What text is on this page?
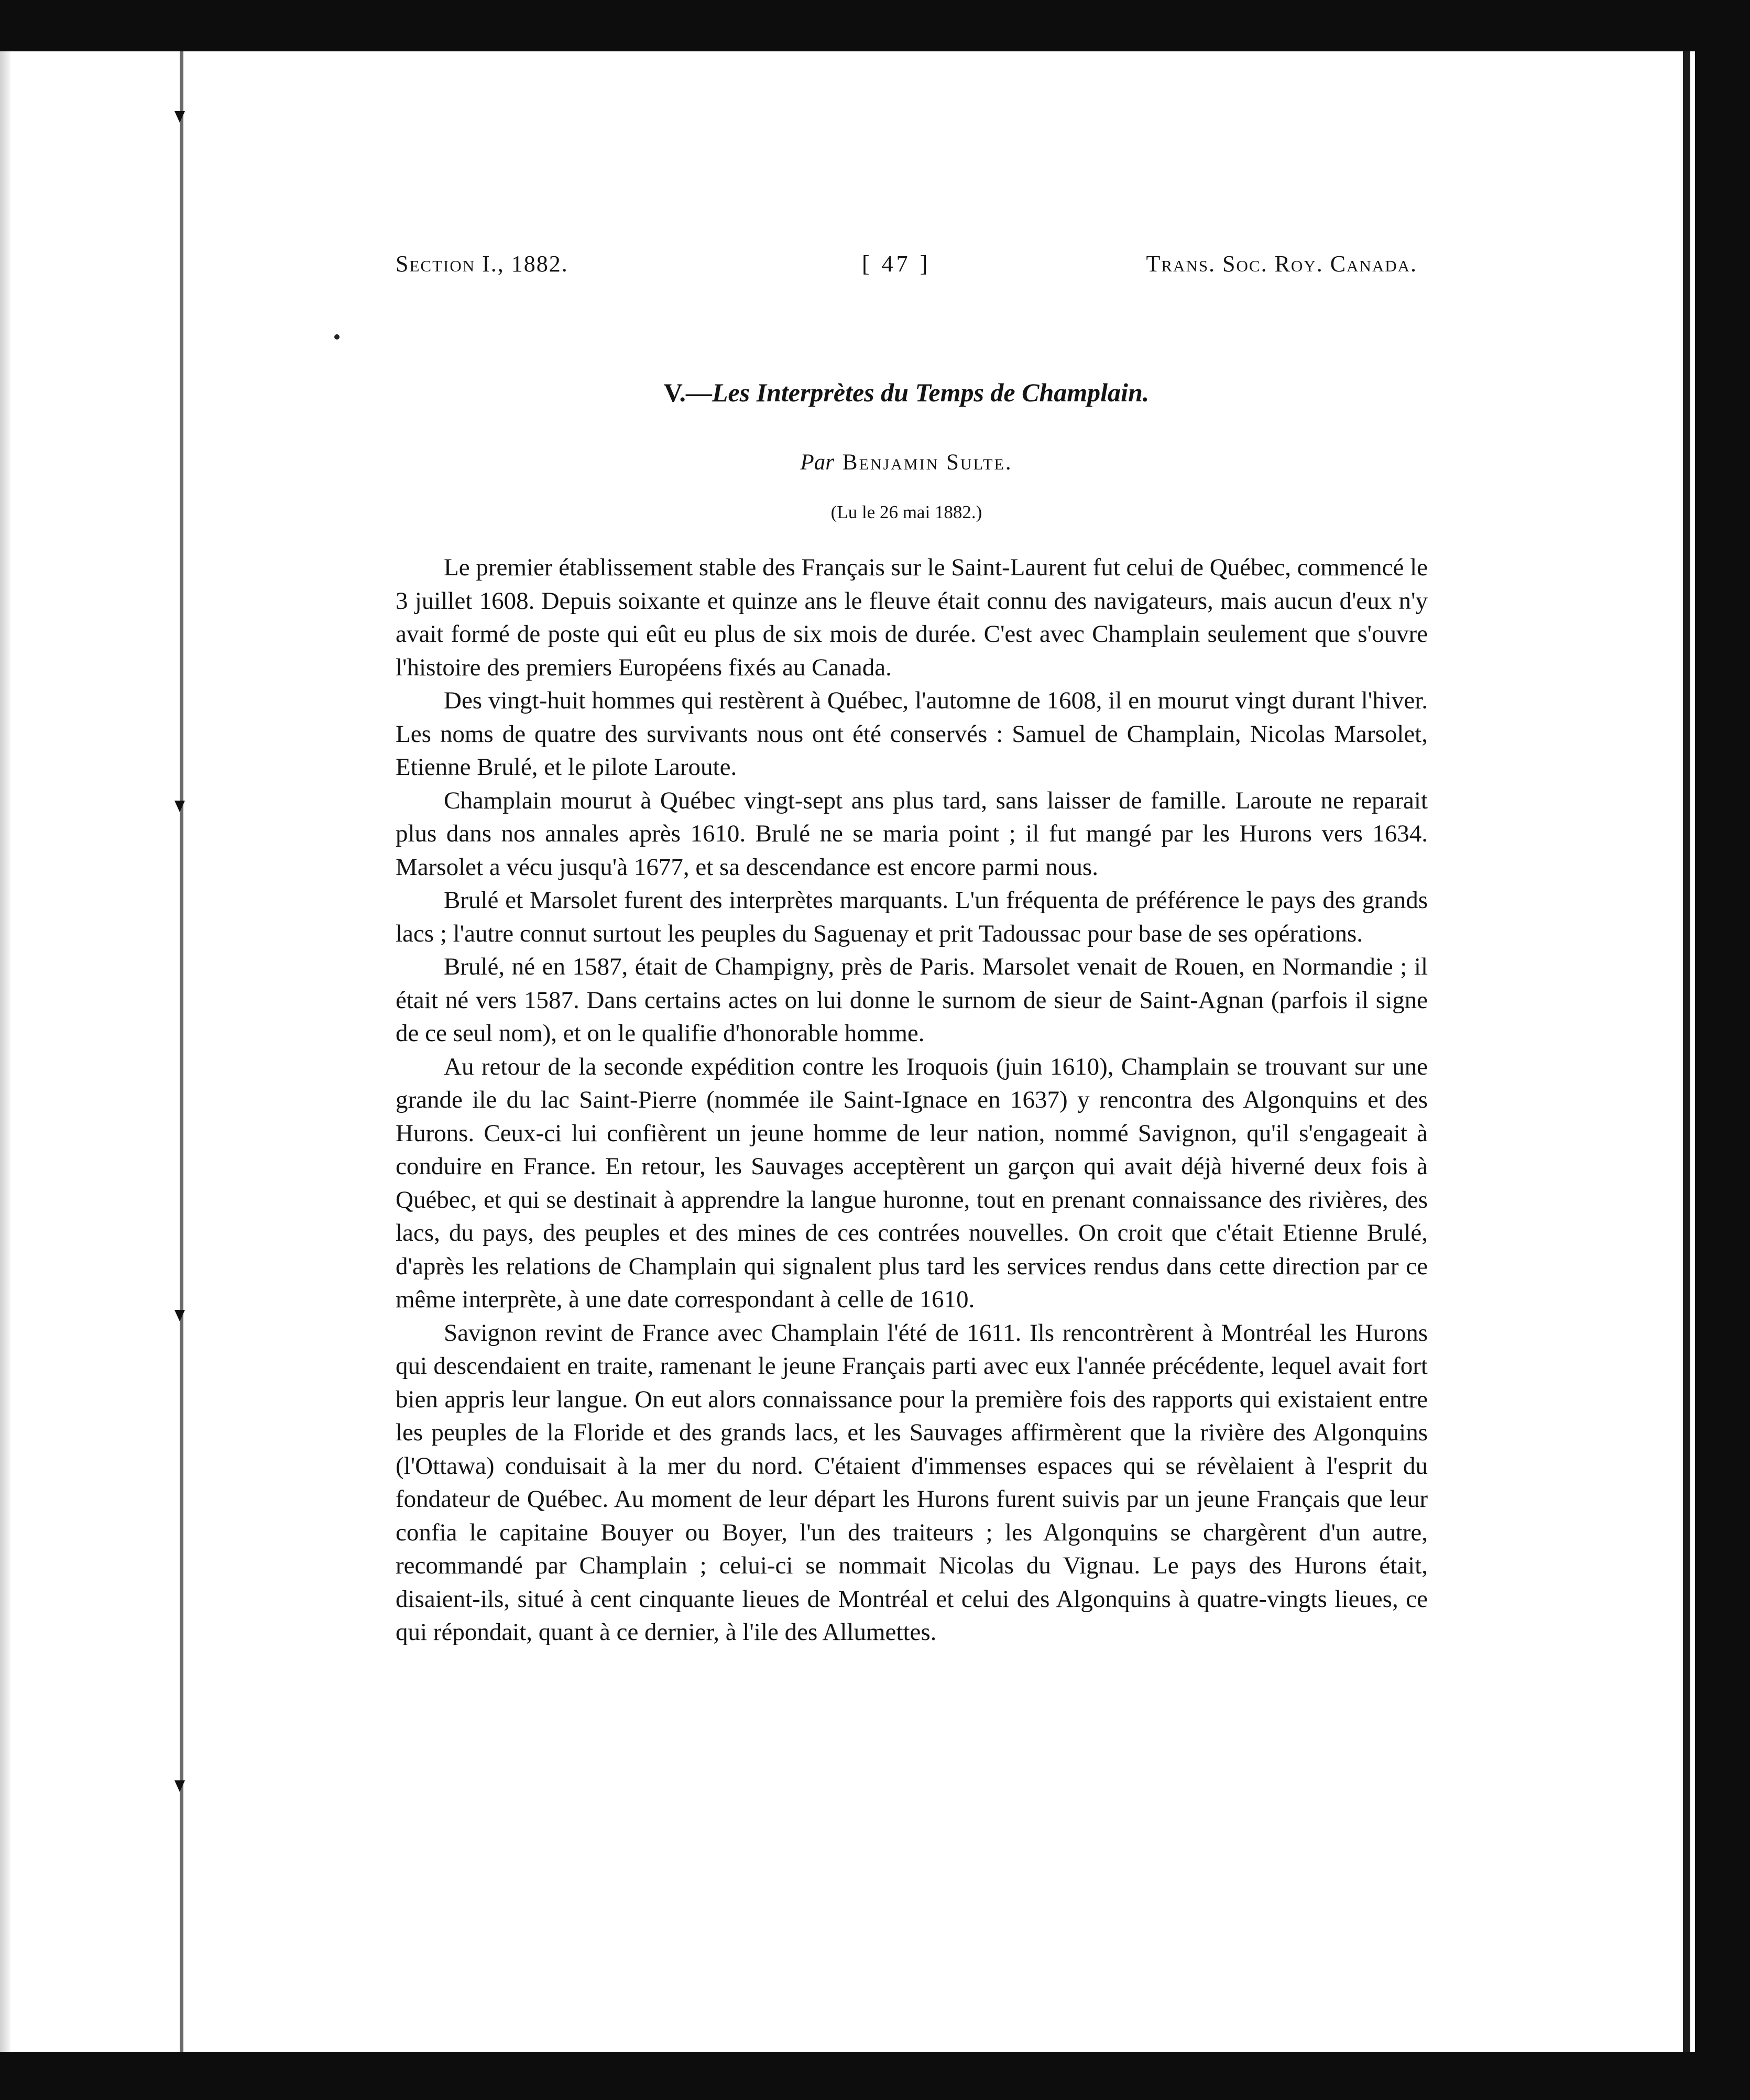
Section I., 1882.	[ 47 ]	Trans. Soc. Roy. Canada.
V.—Les Interprètes du Temps de Champlain.
Par Benjamin Sulte.
(Lu le 26 mai 1882.)

Le premier établissement stable des Français sur le Saint-Laurent fut celui de Québec, commencé le 3 juillet 1608. Depuis soixante et quinze ans le fleuve était connu des navigateurs, mais aucun d'eux n'y avait formé de poste qui eût eu plus de six mois de durée. C'est avec Champlain seulement que s'ouvre l'histoire des premiers Européens fixés au Canada.

Des vingt-huit hommes qui restèrent à Québec, l'automne de 1608, il en mourut vingt durant l'hiver. Les noms de quatre des survivants nous ont été conservés : Samuel de Champlain, Nicolas Marsolet, Etienne Brulé, et le pilote Laroute.

Champlain mourut à Québec vingt-sept ans plus tard, sans laisser de famille. Laroute ne reparait plus dans nos annales après 1610. Brulé ne se maria point ; il fut mangé par les Hurons vers 1634. Marsolet a vécu jusqu'à 1677, et sa descendance est encore parmi nous.

Brulé et Marsolet furent des interprètes marquants. L'un fréquenta de préférence le pays des grands lacs ; l'autre connut surtout les peuples du Saguenay et prit Tadoussac pour base de ses opérations.

Brulé, né en 1587, était de Champigny, près de Paris. Marsolet venait de Rouen, en Normandie ; il était né vers 1587. Dans certains actes on lui donne le surnom de sieur de Saint-Agnan (parfois il signe de ce seul nom), et on le qualifie d'honorable homme.

Au retour de la seconde expédition contre les Iroquois (juin 1610), Champlain se trouvant sur une grande ile du lac Saint-Pierre (nommée ile Saint-Ignace en 1637) y rencontra des Algonquins et des Hurons. Ceux-ci lui confièrent un jeune homme de leur nation, nommé Savignon, qu'il s'engageait à conduire en France. En retour, les Sauvages acceptèrent un garçon qui avait déjà hiverné deux fois à Québec, et qui se destinait à apprendre la langue huronne, tout en prenant connaissance des rivières, des lacs, du pays, des peuples et des mines de ces contrées nouvelles. On croit que c'était Etienne Brulé, d'après les relations de Champlain qui signalent plus tard les services rendus dans cette direction par ce même interprète, à une date correspondant à celle de 1610.

Savignon revint de France avec Champlain l'été de 1611. Ils rencontrèrent à Montréal les Hurons qui descendaient en traite, ramenant le jeune Français parti avec eux l'année précédente, lequel avait fort bien appris leur langue. On eut alors connaissance pour la première fois des rapports qui existaient entre les peuples de la Floride et des grands lacs, et les Sauvages affirmèrent que la rivière des Algonquins (l'Ottawa) conduisait à la mer du nord. C'étaient d'immenses espaces qui se révèlaient à l'esprit du fondateur de Québec. Au moment de leur départ les Hurons furent suivis par un jeune Français que leur confia le capitaine Bouyer ou Boyer, l'un des traiteurs ; les Algonquins se chargèrent d'un autre, recommandé par Champlain ; celui-ci se nommait Nicolas du Vignau. Le pays des Hurons était, disaient-ils, situé à cent cinquante lieues de Montréal et celui des Algonquins à quatre-vingts lieues, ce qui répondait, quant à ce dernier, à l'ile des Allumettes.
